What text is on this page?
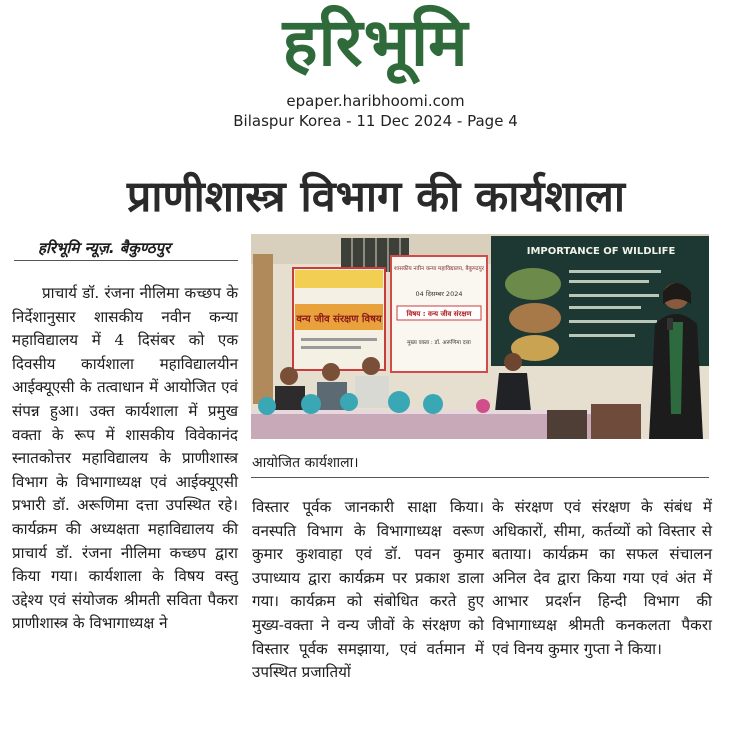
हरिभूमि
epaper.haribhoomi.com
Bilaspur Korea - 11 Dec 2024 - Page 4
प्राणीशास्त्र विभाग की कार्यशाला
हरिभूमि न्यूज़. बैकुण्ठपुर
प्राचार्य डॉ. रंजना नीलिमा कच्छप के निर्देशानुसार शासकीय नवीन कन्या महाविद्यालय में 4 दिसंबर को एक दिवसीय कार्यशाला महाविद्यालयीन आईक्यूएसी के तत्वाधान में आयोजित एवं संपन्न हुआ। उक्त कार्यशाला में प्रमुख वक्ता के रूप में शासकीय विवेकानंद स्नातकोत्तर महाविद्यालय के प्राणीशास्त्र विभाग के विभागाध्यक्ष एवं आईक्यूएसी प्रभारी डॉ. अरूणिमा दत्ता उपस्थित रहे। कार्यक्रम की अध्यक्षता महाविद्यालय की प्राचार्य डॉ. रंजना नीलिमा कच्छप द्वारा किया गया। कार्यशाला के विषय वस्तु उद्देश्य एवं संयोजक श्रीमती सविता पैकरा प्राणीशास्त्र के विभागाध्यक्ष ने
वन्य जीव संरक्षण विषय
शासकीय नवीन कन्या महाविद्यालय, बैकुण्ठपुर
04 दिसम्बर 2024
विषय : वन्य जीव संरक्षण
मुख्य वक्ता : डॉ. अरूणिमा दत्ता
IMPORTANCE OF WILDLIFE
आयोजित कार्यशाला।
विस्तार पूर्वक जानकारी साक्षा किया। वनस्पति विभाग के विभागाध्यक्ष वरूण कुमार कुशवाहा एवं डॉ. पवन कुमार उपाध्याय द्वारा कार्यक्रम पर प्रकाश डाला गया। कार्यक्रम को संबोधित करते हुए मुख्य-वक्ता ने वन्य जीवों के संरक्षण को विस्तार पूर्वक समझाया, एवं वर्तमान में उपस्थित प्रजातियों
के संरक्षण एवं संरक्षण के संबंध में अधिकारों, सीमा, कर्तव्यों को विस्तार से बताया। कार्यक्रम का सफल संचालन अनिल देव द्वारा किया गया एवं अंत में आभार प्रदर्शन हिन्दी विभाग की विभागाध्यक्ष श्रीमती कनकलता पैकरा एवं विनय कुमार गुप्ता ने किया।
